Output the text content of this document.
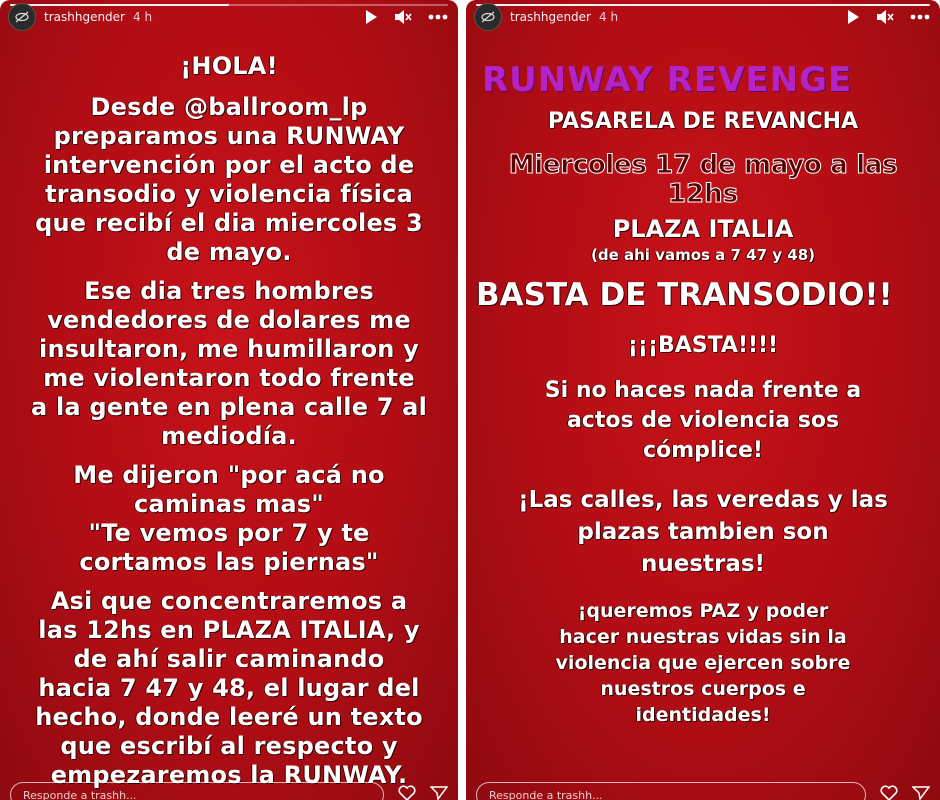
trashhgender 4 h

¡HOLA!

Desde @ballroom_lp

preparamos una RUNWAY

intervención por el acto de

transodio y violencia física

que recibí el dia miercoles 3

de mayo.

Ese dia tres hombres

vendedores de dolares me

insultaron, me humillaron y

me violentaron todo frente

a la gente en plena calle 7 al

mediodía.

Me dijeron "por acá no

caminas mas"

"Te vemos por 7 y te

cortamos las piernas"

Asi que concentraremos a

las 12hs en PLAZA ITALIA, y

de ahí salir caminando

hacia 7 47 y 48, el lugar del

hecho, donde leeré un texto

que escribí al respecto y

empezaremos la RUNWAY.

Responde a trashh...
trashhgender 4 h

RUNWAY REVENGE

PASARELA DE REVANCHA

Miercoles 17 de mayo a las

12hs

PLAZA ITALIA

(de ahi vamos a 7 47 y 48)

BASTA DE TRANSODIO!!

¡¡¡BASTA!!!!

Si no haces nada frente a

actos de violencia sos

cómplice!

¡Las calles, las veredas y las

plazas tambien son

nuestras!

¡queremos PAZ y poder

hacer nuestras vidas sin la

violencia que ejercen sobre

nuestros cuerpos e

identidades!

Responde a trashh...
